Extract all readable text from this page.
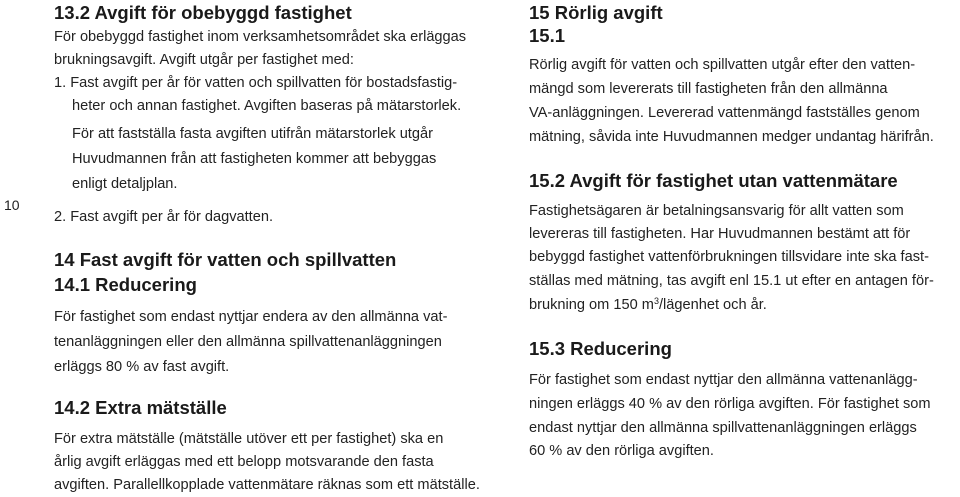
10
13.2 Avgift för obebyggd fastighet

För obebyggd fastighet inom verksamhetsområdet ska erläggas

brukningsavgift. Avgift utgår per fastighet med:

1. Fast avgift per år för vatten och spillvatten för bostadsfastig-

heter och annan fastighet. Avgiften baseras på mätarstorlek.
För att fastställa fasta avgiften utifrån mätarstorlek utgår
Huvudmannen från att fastigheten kommer att bebyggas
enligt detaljplan.

2. Fast avgift per år för dagvatten.

14 Fast avgift för vatten och spillvatten
14.1 Reducering

För fastighet som endast nyttjar endera av den allmänna vat-

tenanläggningen eller den allmänna spillvattenanläggningen

erläggs 80 % av fast avgift.

14.2 Extra mätställe

För extra mätställe (mätställe utöver ett per fastighet) ska en

årlig avgift erläggas med ett belopp motsvarande den fasta

avgiften. Parallellkopplade vattenmätare räknas som ett mätställe.

15 Rörlig avgift
15.1

Rörlig avgift för vatten och spillvatten utgår efter den vatten-

mängd som levererats till fastigheten från den allmänna

VA-anläggningen. Levererad vattenmängd fastställes genom

mätning, såvida inte Huvudmannen medger undantag härifrån.

15.2 Avgift för fastighet utan vattenmätare

Fastighetsägaren är betalningsansvarig för allt vatten som

levereras till fastigheten. Har Huvudmannen bestämt att för

bebyggd fastighet vattenförbrukningen tillsvidare inte ska fast-

ställas med mätning, tas avgift enl 15.1 ut efter en antagen för-

brukning om 150 $m^3$/lägenhet och år.

15.3 Reducering

För fastighet som endast nyttjar den allmänna vattenanlägg-

ningen erläggs 40 % av den rörliga avgiften. För fastighet som

endast nyttjar den allmänna spillvattenanläggningen erläggs

60 % av den rörliga avgiften.
